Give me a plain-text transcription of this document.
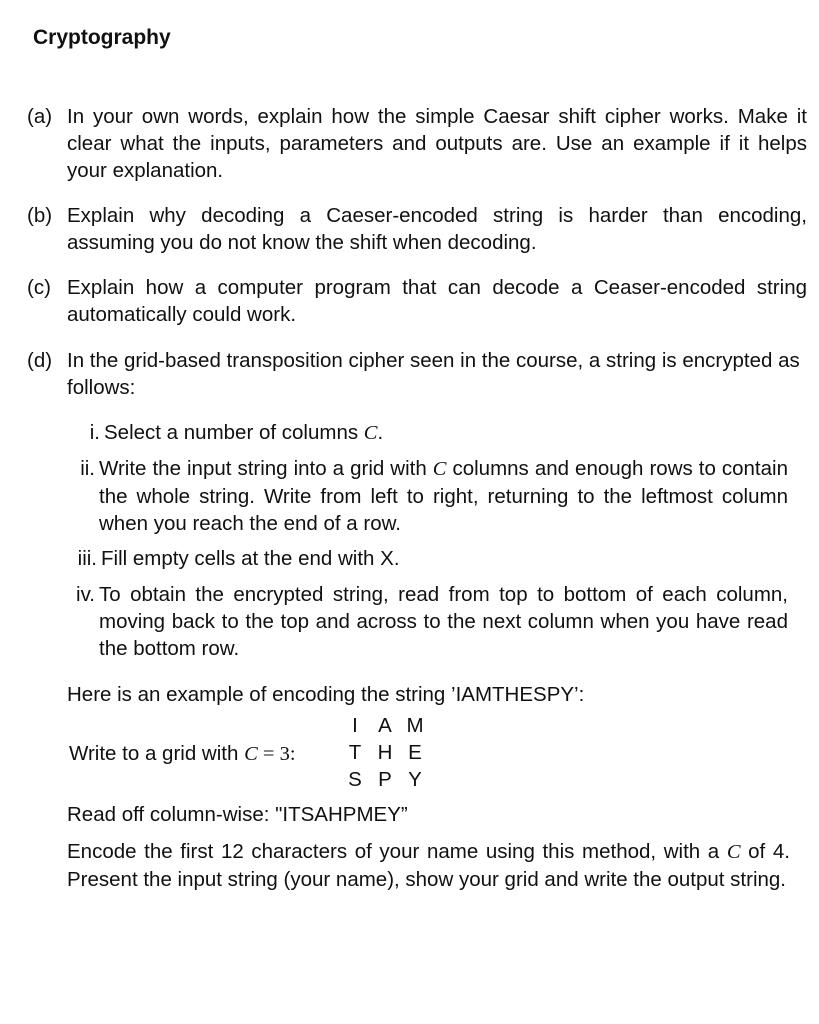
Cryptography
(a) In your own words, explain how the simple Caesar shift cipher works. Make it clear what the inputs, parameters and outputs are. Use an example if it helps your explanation.
(b) Explain why decoding a Caeser-encoded string is harder than encoding, assuming you do not know the shift when decoding.
(c) Explain how a computer program that can decode a Ceaser-encoded string automatically could work.
(d) In the grid-based transposition cipher seen in the course, a string is encrypted as follows:
i. Select a number of columns C.
ii. Write the input string into a grid with C columns and enough rows to contain the whole string. Write from left to right, returning to the leftmost column when you reach the end of a row.
iii. Fill empty cells at the end with X.
iv. To obtain the encrypted string, read from top to bottom of each column, moving back to the top and across to the next column when you have read the bottom row.
Here is an example of encoding the string ’IAMTHESPY’:
Write to a grid with C = 3:
I A M
T H E
S P Y
Read off column-wise: "ITSAHPMEY”
Encode the first 12 characters of your name using this method, with a C of 4. Present the input string (your name), show your grid and write the output string.
